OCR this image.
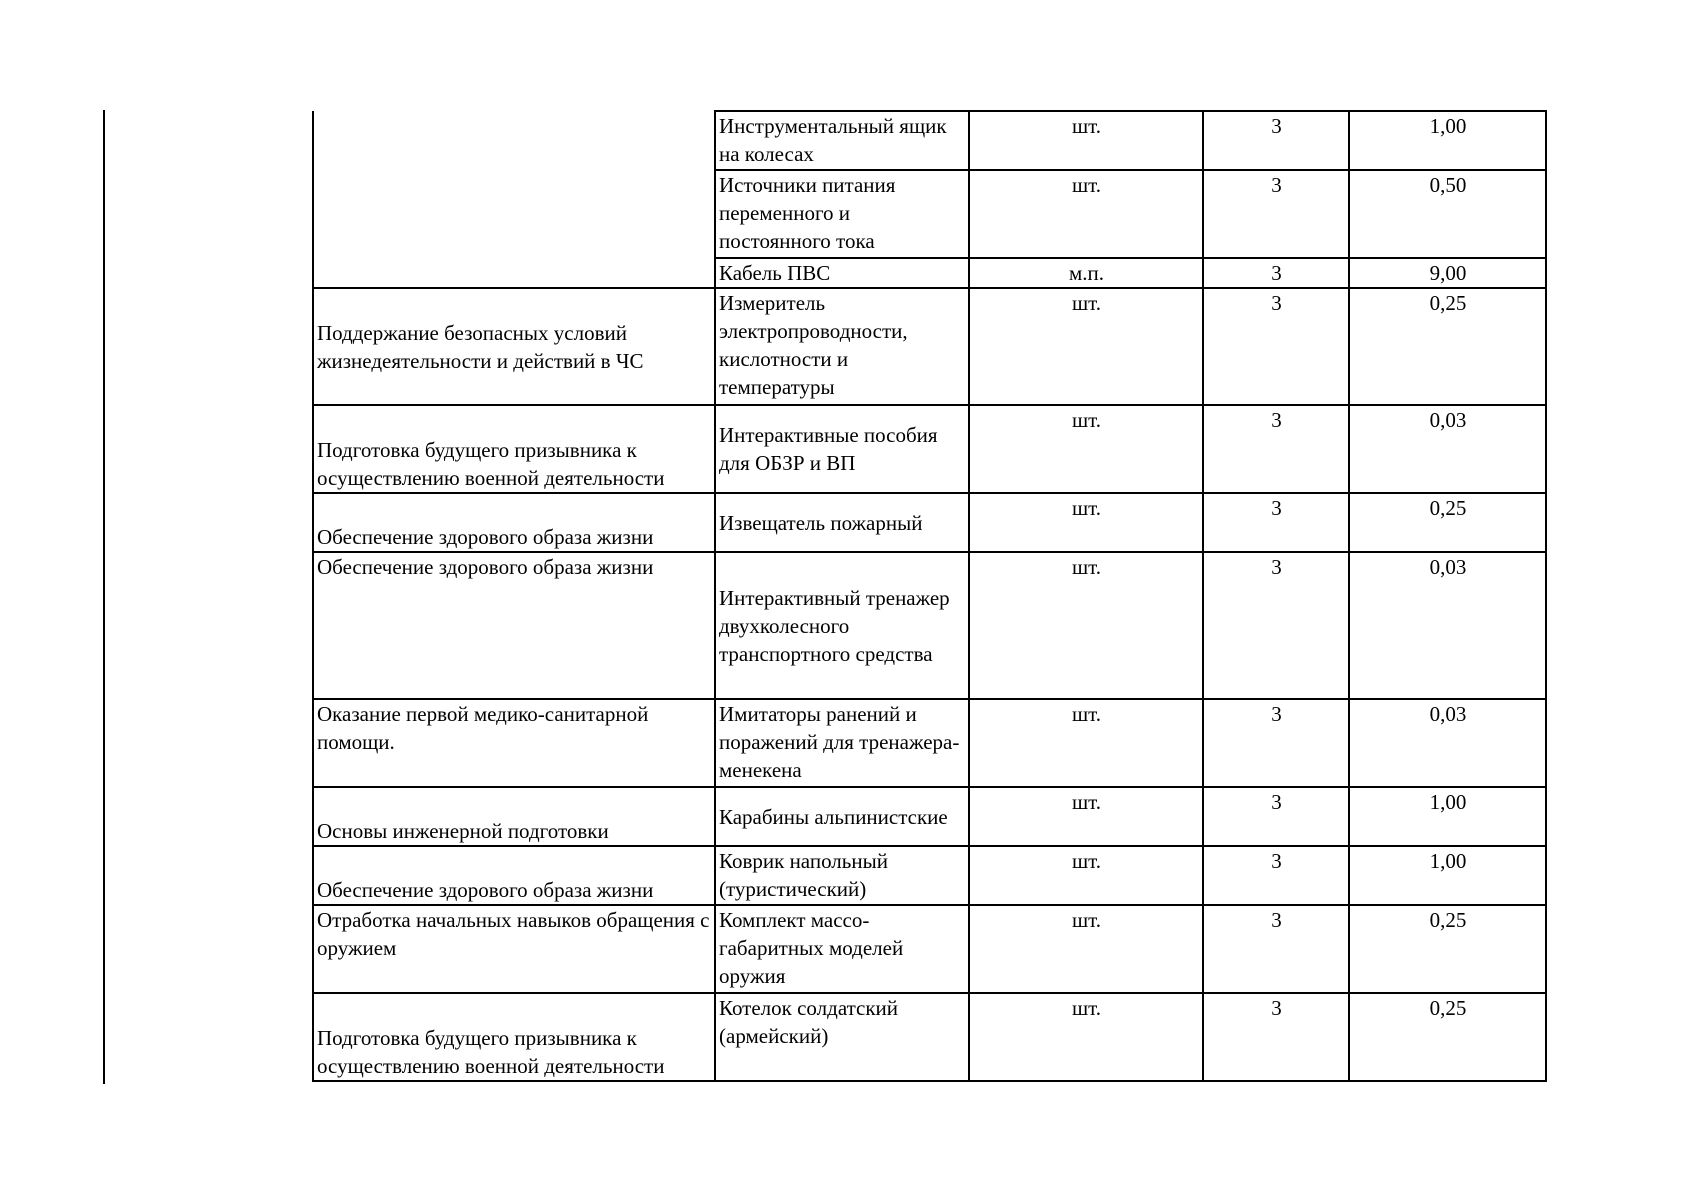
	Инструментальный ящик на колесах	шт.	3	1,00
	Источники питания переменного и постоянного тока	шт.	3	0,50
	Кабель ПВС	м.п.	3	9,00
Поддержание безопасных условий жизнедеятельности и действий в ЧС	Измеритель электропроводности, кислотности и температуры	шт.	3	0,25
Подготовка будущего призывника к осуществлению военной деятельности	Интерактивные пособия для ОБЗР и ВП	шт.	3	0,03
Обеспечение здорового образа жизни	Извещатель пожарный	шт.	3	0,25
Обеспечение здорового образа жизни	Интерактивный тренажер двухколесного транспортного средства	шт.	3	0,03
Оказание первой медико-санитарной помощи.	Имитаторы ранений и поражений для тренажера-менекена	шт.	3	0,03
Основы инженерной подготовки	Карабины альпинистские	шт.	3	1,00
Обеспечение здорового образа жизни	Коврик напольный (туристический)	шт.	3	1,00
Отработка начальных навыков обращения с оружием	Комплект массо-габаритных моделей оружия	шт.	3	0,25
Подготовка будущего призывника к осуществлению военной деятельности	Котелок солдатский (армейский)	шт.	3	0,25
